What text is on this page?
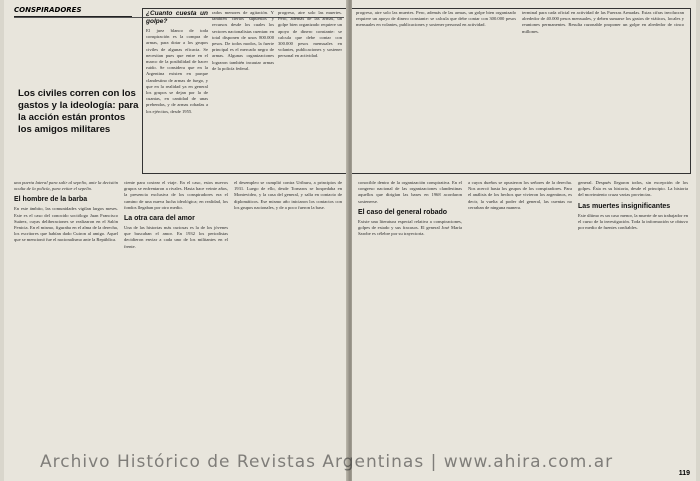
CONSPIRADORES
Los civiles corren con los gastos y la ideología: para la acción están prontos los amigos militares
¿Cuanto cuesta un golpe?
El juez blanco de toda conspiración es la compra de armas, para dotar a los grupos civiles de algunas eficacia. Se necesitan pues que entre en el marco de la posibilidad de hacer ruido. Se considera que en la Argentina existen en parque clandestino de armas de fuego, y que en la realidad ya en general los grupos se dejan por la de cuantas, en cantidad de unas prebendas, y de armas robadas a los ejércitos, desde 1955.
rados menores de agitación. Y también ciertos supuestos y recursos desde los cuales los sectores nacionalistas cuentan: en total disponen de unos 800.000 pesos. De todos modos, la fuerte principal es el mercado negro de armas. Algunas organizaciones lograron también incautar armas de la policía federal.
progreso, aire solo las muertes. Pero, además de las armas, un golpe bien organizado requiere un apoyo de dinero constante: se calcula que debe contar con 300.000 pesos mensuales en volantes, publicaciones y sostener personal en actividad.
una puerta lateral para salir al sepelio, ante la decisión oculta de la policía, para evitar el sepelio.
El hombre de la barba
En este ámbito, las comunidades vigilan largos meses. Este es el caso del conocido sociólogo Juan Francisco Suárez, cuyas deliberaciones se realizaron en el Salón Fenicia. En el mismo, figuraba en el alma de la derecha, los escritores que habían dado Cuiron al amigo. Aquel que se mencionó fue el nacionalismo ante la República.
ciente para costear el viaje. En el caso, estos nuevos grupos se enfrentaron a rivales. Hasta hace veinte años, la presencia exclusiva de los conspiradores era el camino de una nueva lucha ideológica; en realidad, los fondos llegaban por otro medio.
La otra cara del amor
Una de las historias más curiosas es la de los jóvenes que buscaban el amor. En 1932 los periodistas decidieron enviar a cada uno de los militantes en el frente.
el desempleo se cumplió contra Uriburu, a principios de 1931. Luego de ello, desde Tornaros se hospedaba en Montevideo, y la casa del general, y salía en contacto de diplomáticos. Ese mismo año iniciaron los contactos con los grupos nacionales, y de a poco fueron la base.
progreso, aire solo las muertes. Pero, además de las armas, un golpe bien organizado requiere un apoyo de dinero constante: se calcula que debe contar con 300.000 pesos mensuales en volantes, publicaciones y sostener personal en actividad.
terminal para cada oficial en actividad de las Fuerzas Armadas. Estas cifras involucran alrededor de 40.000 pesos mensuales, y deben sumarse los gastos de viáticos, locales y reuniones permanentes. Resulta razonable proponer un golpe en alrededor de cinco millones.
conocible dentro de la organización conspirativa. En el congreso nacional de las organizaciones clandestinas aquellos que dirigían las bases en 1968 acordaron sostenerse.
El caso del general robado
Existe una literatura especial relativa a conspiraciones, golpes de estado y sus fracasos. El general José María Sarobe es célebre por su trayectoria.
a cuyos dueños se opusieron los señores de la derecha. Nos acercó hasta los grupos de los conspiradores. Para el análisis de los hechos que vivieron los argentinos, es decir, la vuelta al poder del general, las cuentas no cerraban de ninguna manera.
general. Después llegaron todos, sin excepción de los golpes. Ésta es su historia, desde el principio. La historia del movimiento cruza varias provincias.
Las muertes insignificantes
Este último es un caso menor, la muerte de un trabajador en el curso de la investigación. Toda la información se obtuvo por medio de fuentes confiables.
119
Archivo Histórico de Revistas Argentinas | www.ahira.com.ar
